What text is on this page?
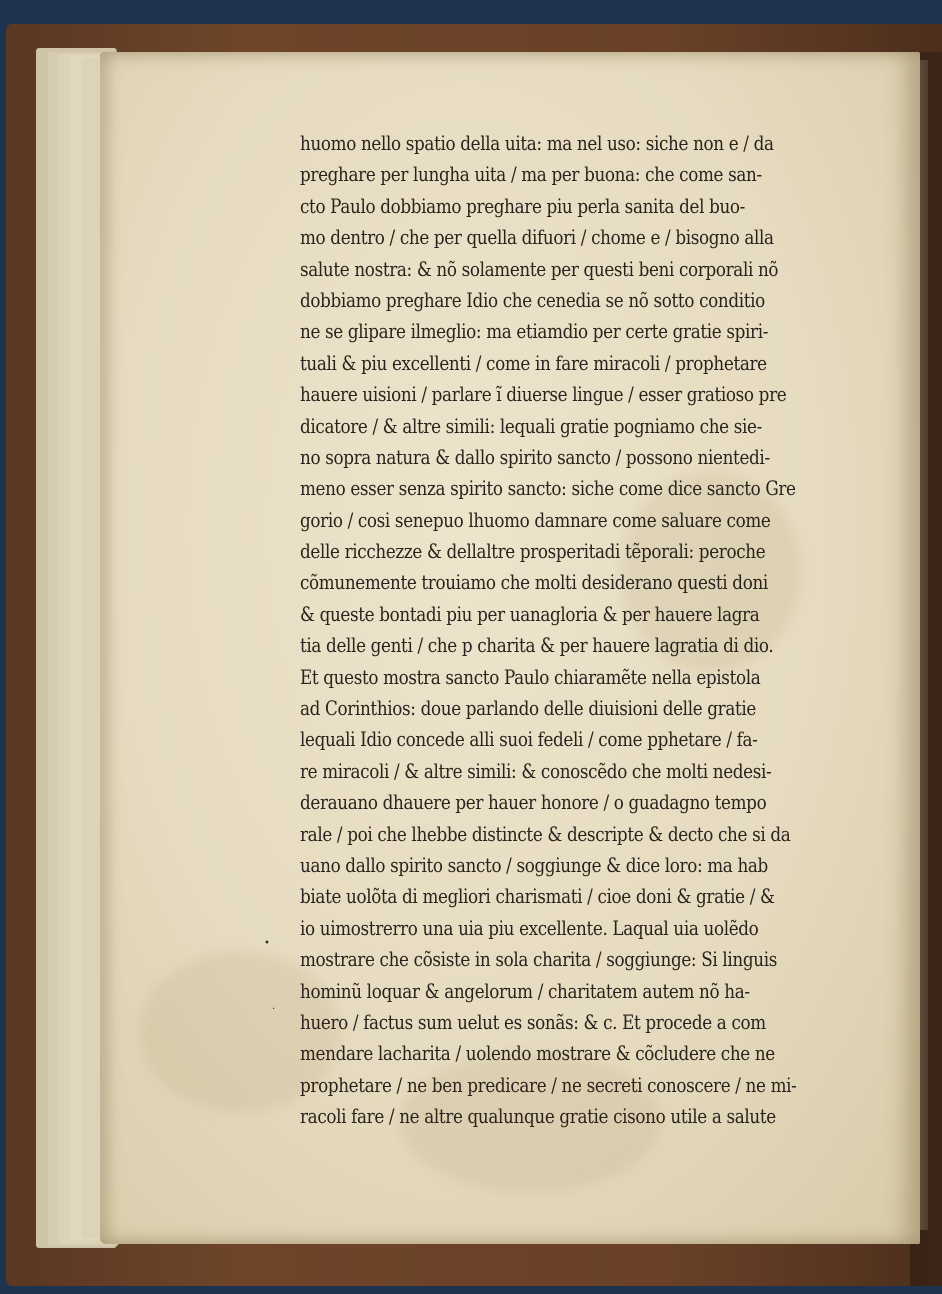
•
·
huomo nello spatio della uita: ma nel uso: siche non e / da
preghare per lungha uita / ma per buona: che come san-
cto Paulo dobbiamo preghare piu perla sanita del buo-
mo dentro / che per quella difuori / chome e / bisogno alla
salute nostra: & nõ solamente per questi beni corporali nõ
dobbiamo preghare Idio che cenedia se nõ sotto conditio
ne se glipare ilmeglio: ma etiamdio per certe gratie spiri-
tuali & piu excellenti / come in fare miracoli / prophetare
hauere uisioni / parlare ĩ diuerse lingue / esser gratioso pre
dicatore / & altre simili: lequali gratie pogniamo che sie-
no sopra natura & dallo spirito sancto / possono nientedi-
meno esser senza spirito sancto: siche come dice sancto Gre
gorio / cosi senepuo lhuomo damnare come saluare come
delle ricchezze & dellaltre prosperitadi tẽporali: peroche
cõmunemente trouiamo che molti desiderano questi doni
& queste bontadi piu per uanagloria & per hauere lagra
tia delle genti / che p charita & per hauere lagratia di dio.
Et questo mostra sancto Paulo chiaramẽte nella epistola
ad Corinthios: doue parlando delle diuisioni delle gratie
lequali Idio concede alli suoi fedeli / come pphetare / fa-
re miracoli / & altre simili: & conoscẽdo che molti nedesi-
derauano dhauere per hauer honore / o guadagno tempo
rale / poi che lhebbe distincte & descripte & decto che si da
uano dallo spirito sancto / soggiunge & dice loro: ma hab
biate uolõta di megliori charismati / cioe doni & gratie / &
io uimostrerro una uia piu excellente. Laqual uia uolẽdo
mostrare che cõsiste in sola charita / soggiunge: Si linguis
hominũ loquar & angelorum / charitatem autem nõ ha-
huero / factus sum uelut es sonãs: & c. Et procede a com
mendare lacharita / uolendo mostrare & cõcludere che ne
prophetare / ne ben predicare / ne secreti conoscere / ne mi-
racoli fare / ne altre qualunque gratie cisono utile a salute
